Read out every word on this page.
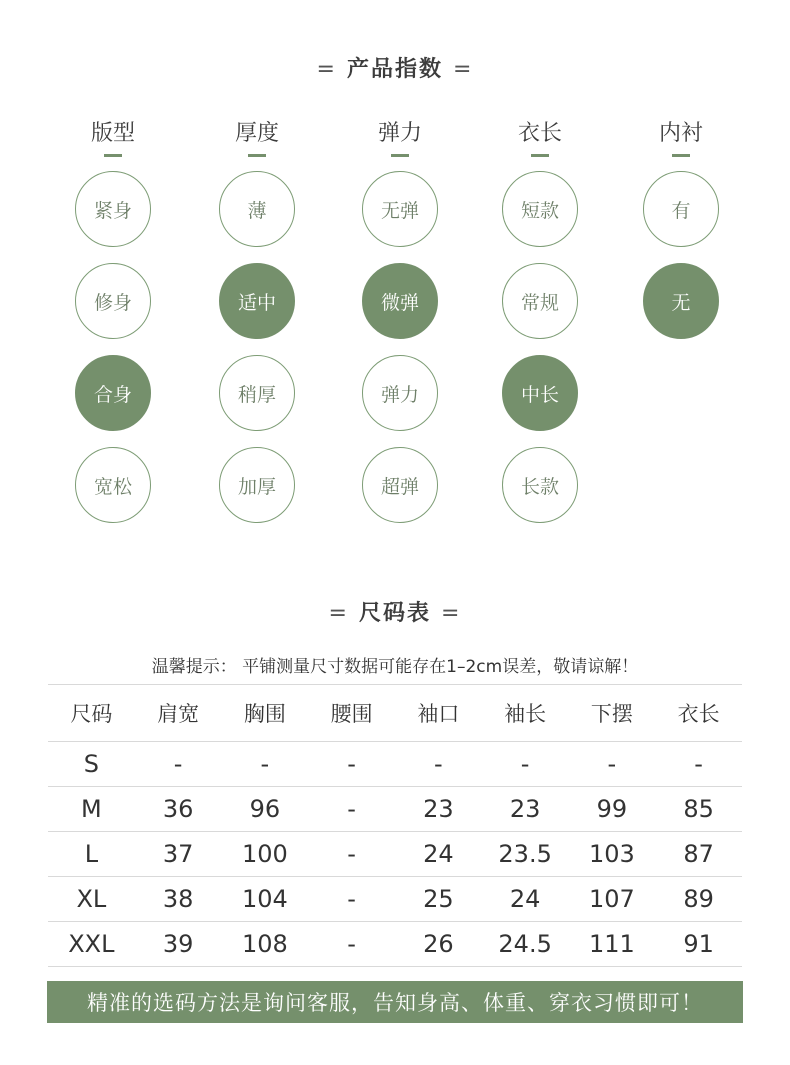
= 产品指数 =
版型
紧身
修身
合身
宽松
厚度
薄
适中
稍厚
加厚
弹力
无弹
微弹
弹力
超弹
衣长
短款
常规
中长
长款
内衬
有
无
= 尺码表 =
温馨提示： 平铺测量尺寸数据可能存在1–2cm误差，敬请谅解！
尺码	肩宽	胸围	腰围	袖口	袖长	下摆	衣长
S	-	-	-	-	-	-	-
M	36	96	-	23	23	99	85
L	37	100	-	24	23.5	103	87
XL	38	104	-	25	24	107	89
XXL	39	108	-	26	24.5	111	91
精准的选码方法是询问客服，告知身高、体重、穿衣习惯即可！
